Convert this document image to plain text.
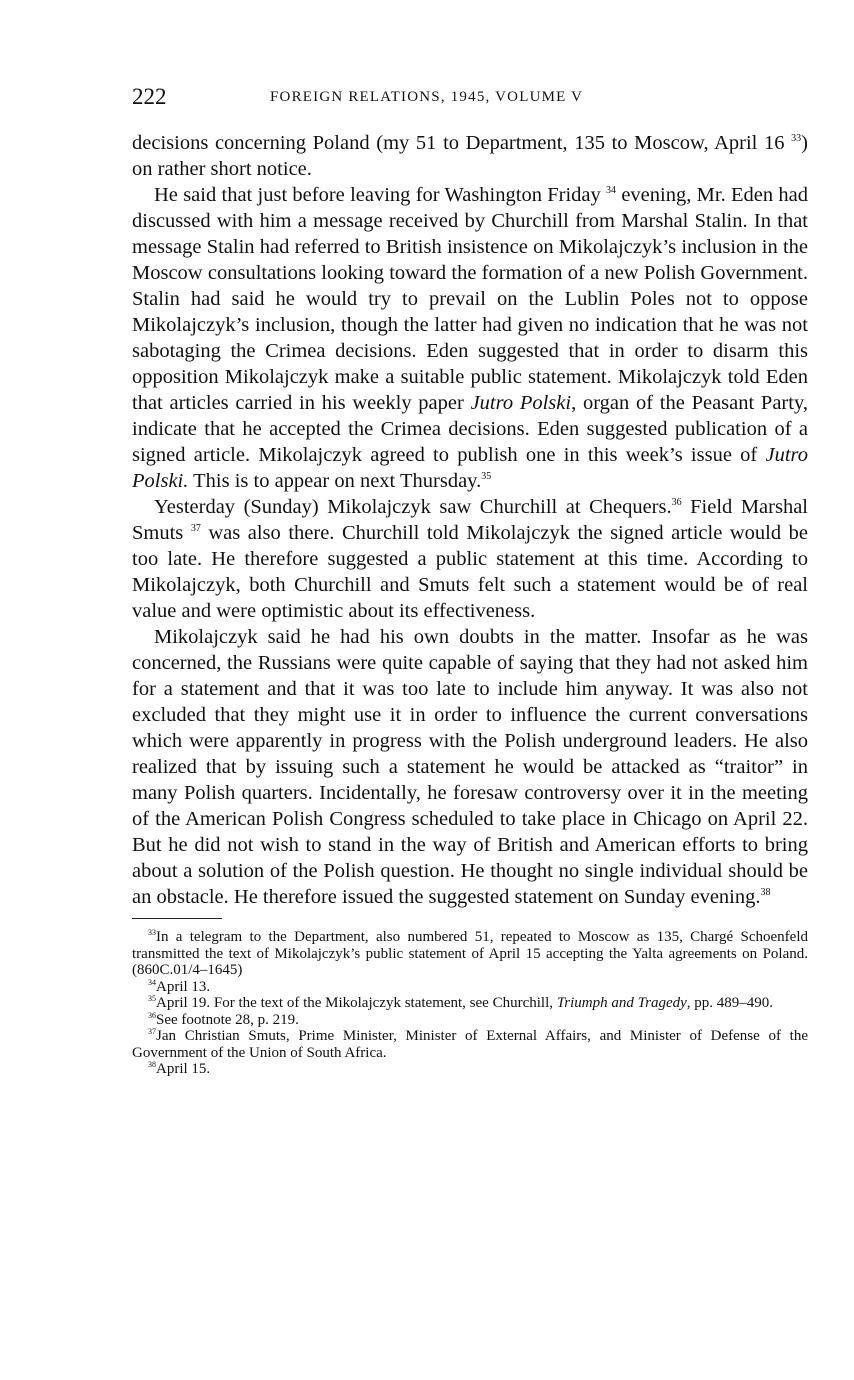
222	FOREIGN RELATIONS, 1945, VOLUME V

decisions concerning Poland (my 51 to Department, 135 to Moscow, April 16 $^{33}$) on rather short notice.

He said that just before leaving for Washington Friday $^{34}$ evening, Mr. Eden had discussed with him a message received by Churchill from Marshal Stalin. In that message Stalin had referred to British insistence on Mikolajczyk’s inclusion in the Moscow consultations looking toward the formation of a new Polish Government. Stalin had said he would try to prevail on the Lublin Poles not to oppose Mikolajczyk’s inclusion, though the latter had given no indication that he was not sabotaging the Crimea decisions. Eden suggested that in order to disarm this opposition Mikolajczyk make a suitable public statement. Mikolajczyk told Eden that articles carried in his weekly paper Jutro Polski, organ of the Peasant Party, indicate that he accepted the Crimea decisions. Eden suggested publication of a signed article. Mikolajczyk agreed to publish one in this week’s issue of Jutro Polski. This is to appear on next Thursday.$^{35}$

Yesterday (Sunday) Mikolajczyk saw Churchill at Chequers.$^{36}$ Field Marshal Smuts $^{37}$ was also there. Churchill told Mikolajczyk the signed article would be too late. He therefore suggested a public statement at this time. According to Mikolajczyk, both Churchill and Smuts felt such a statement would be of real value and were optimistic about its effectiveness.

Mikolajczyk said he had his own doubts in the matter. Insofar as he was concerned, the Russians were quite capable of saying that they had not asked him for a statement and that it was too late to include him anyway. It was also not excluded that they might use it in order to influence the current conversations which were apparently in progress with the Polish underground leaders. He also realized that by issuing such a statement he would be attacked as “traitor” in many Polish quarters. Incidentally, he foresaw controversy over it in the meeting of the American Polish Congress scheduled to take place in Chicago on April 22. But he did not wish to stand in the way of British and American efforts to bring about a solution of the Polish question. He thought no single individual should be an obstacle. He therefore issued the suggested statement on Sunday evening.$^{38}$

$^{33}$In a telegram to the Department, also numbered 51, repeated to Moscow as 135, Chargé Schoenfeld transmitted the text of Mikolajczyk’s public statement of April 15 accepting the Yalta agreements on Poland. (860C.01/4–1645)

$^{34}$April 13.

$^{35}$April 19. For the text of the Mikolajczyk statement, see Churchill, Triumph and Tragedy, pp. 489–490.

$^{36}$See footnote 28, p. 219.

$^{37}$Jan Christian Smuts, Prime Minister, Minister of External Affairs, and Minister of Defense of the Government of the Union of South Africa.

$^{38}$April 15.
